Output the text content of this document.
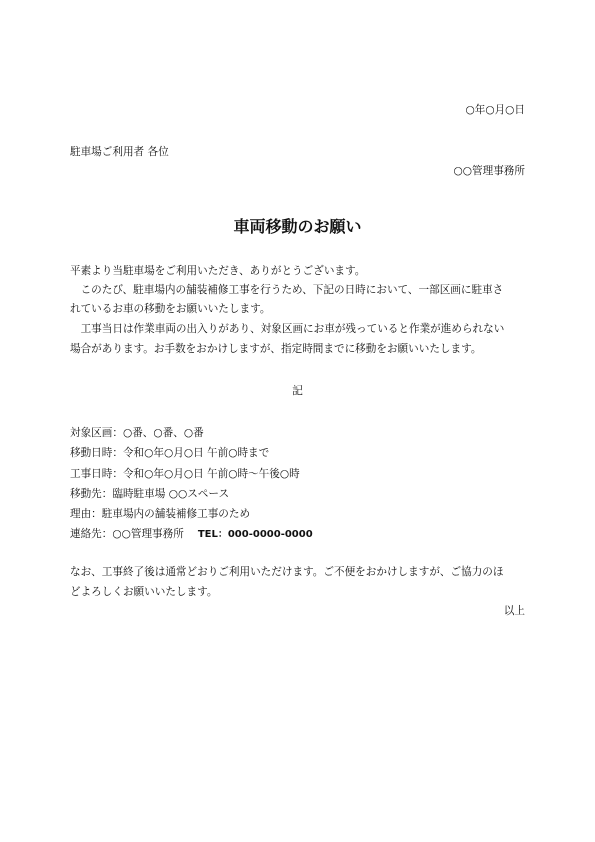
○年○月○日

駐車場ご利用者 各位

○○管理事務所

車両移動のお願い

平素より当駐車場をご利用いただき、ありがとうございます。

このたび、駐車場内の舗装補修工事を行うため、下記の日時において、一部区画に駐車さ

れているお車の移動をお願いいたします。

工事当日は作業車両の出入りがあり、対象区画にお車が残っていると作業が進められない

場合があります。お手数をおかけしますが、指定時間までに移動をお願いいたします。

記

対象区画：○番、○番、○番
移動日時：令和○年○月○日 午前○時まで
工事日時：令和○年○月○日 午前○時～午後○時
移動先：臨時駐車場 ○○スペース
理由：駐車場内の舗装補修工事のため
連絡先：○○管理事務所　 TEL：000-0000-0000

なお、工事終了後は通常どおりご利用いただけます。ご不便をおかけしますが、ご協力のほ

どよろしくお願いいたします。

以上
